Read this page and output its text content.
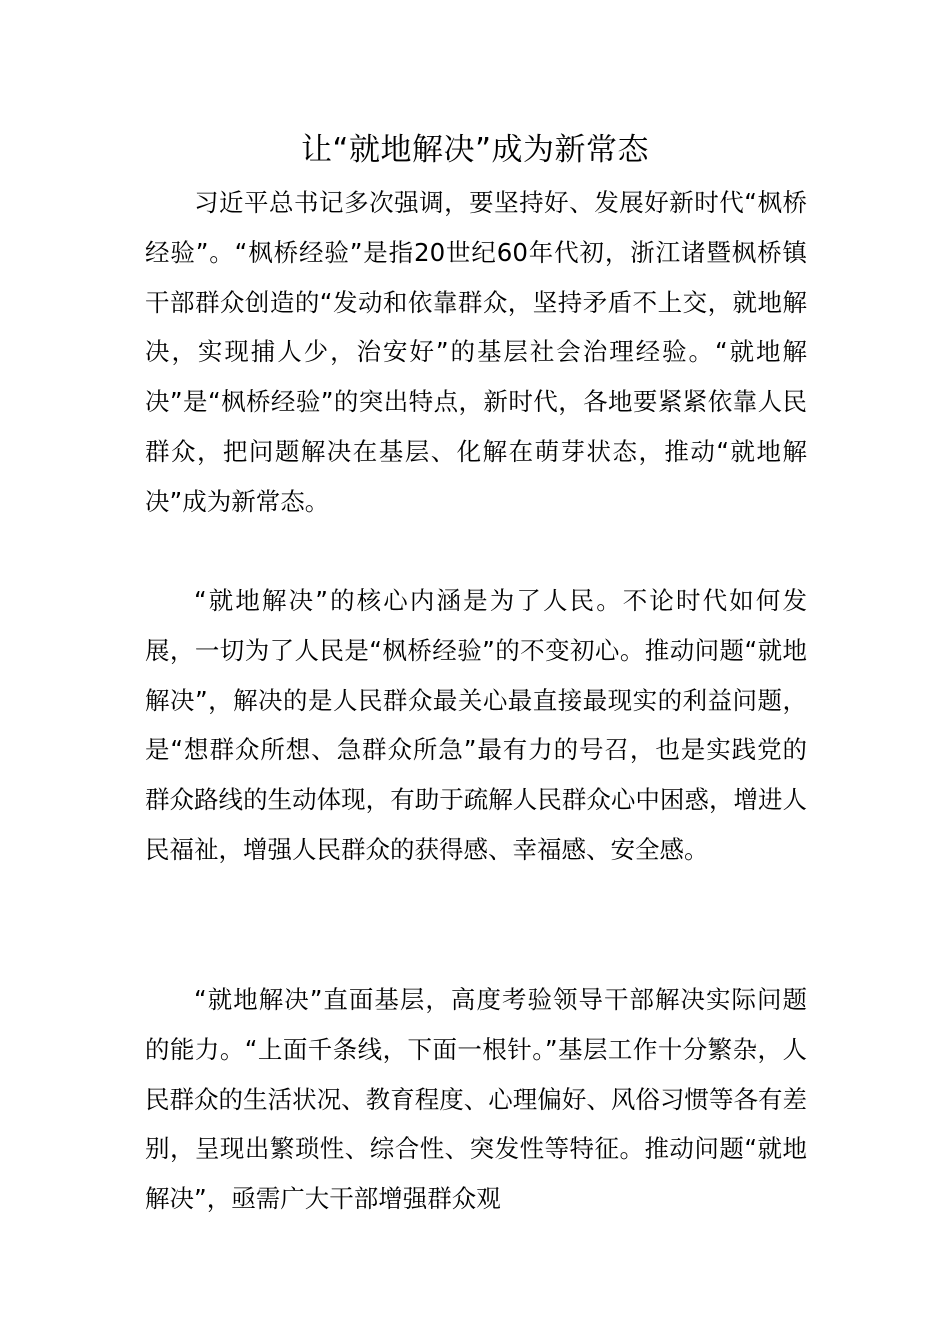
让“就地解决”成为新常态

习近平总书记多次强调，要坚持好、发展好新时代“枫桥经验”。“枫桥经验”是指20世纪60年代初，浙江诸暨枫桥镇干部群众创造的“发动和依靠群众，坚持矛盾不上交，就地解决，实现捕人少，治安好”的基层社会治理经验。“就地解决”是“枫桥经验”的突出特点，新时代，各地要紧紧依靠人民群众，把问题解决在基层、化解在萌芽状态，推动“就地解决”成为新常态。

“就地解决”的核心内涵是为了人民。不论时代如何发展，一切为了人民是“枫桥经验”的不变初心。推动问题“就地解决”，解决的是人民群众最关心最直接最现实的利益问题，是“想群众所想、急群众所急”最有力的号召，也是实践党的群众路线的生动体现，有助于疏解人民群众心中困惑，增进人民福祉，增强人民群众的获得感、幸福感、安全感。

“就地解决”直面基层，高度考验领导干部解决实际问题的能力。“上面千条线，下面一根针。”基层工作十分繁杂，人民群众的生活状况、教育程度、心理偏好、风俗习惯等各有差别，呈现出繁琐性、综合性、突发性等特征。推动问题“就地解决”，亟需广大干部增强群众观
